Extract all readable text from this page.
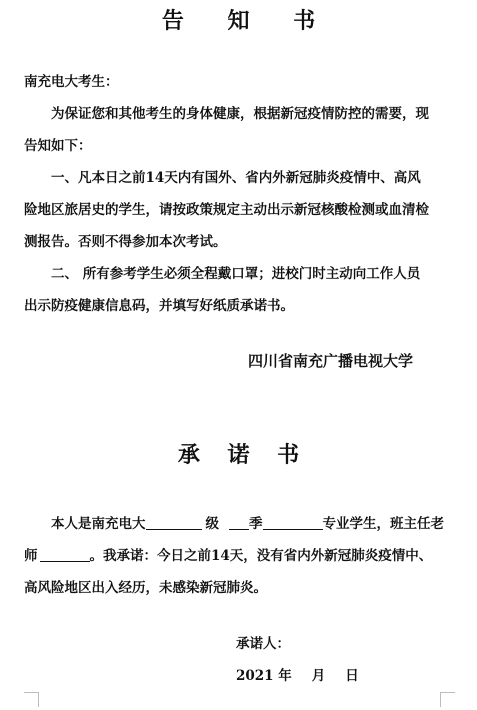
告 知 书
南充电大考生：
为保证您和其他考生的身体健康，根据新冠疫情防控的需要，现
告知如下：
一、凡本日之前14天内有国外、省内外新冠肺炎疫情中、高风
险地区旅居史的学生，请按政策规定主动出示新冠核酸检测或血清检
测报告。否则不得参加本次考试。
二、 所有参考学生必须全程戴口罩；进校门时主动向工作人员
出示防疫健康信息码，并填写好纸质承诺书。
四川省南充广播电视大学
承 诺 书
本人是南充电大	级 季	专业学生，班主任老
师	。我承诺：今日之前14天，没有省内外新冠肺炎疫情中、
高风险地区出入经历，未感染新冠肺炎。
承诺人：
2021 年 月 日
